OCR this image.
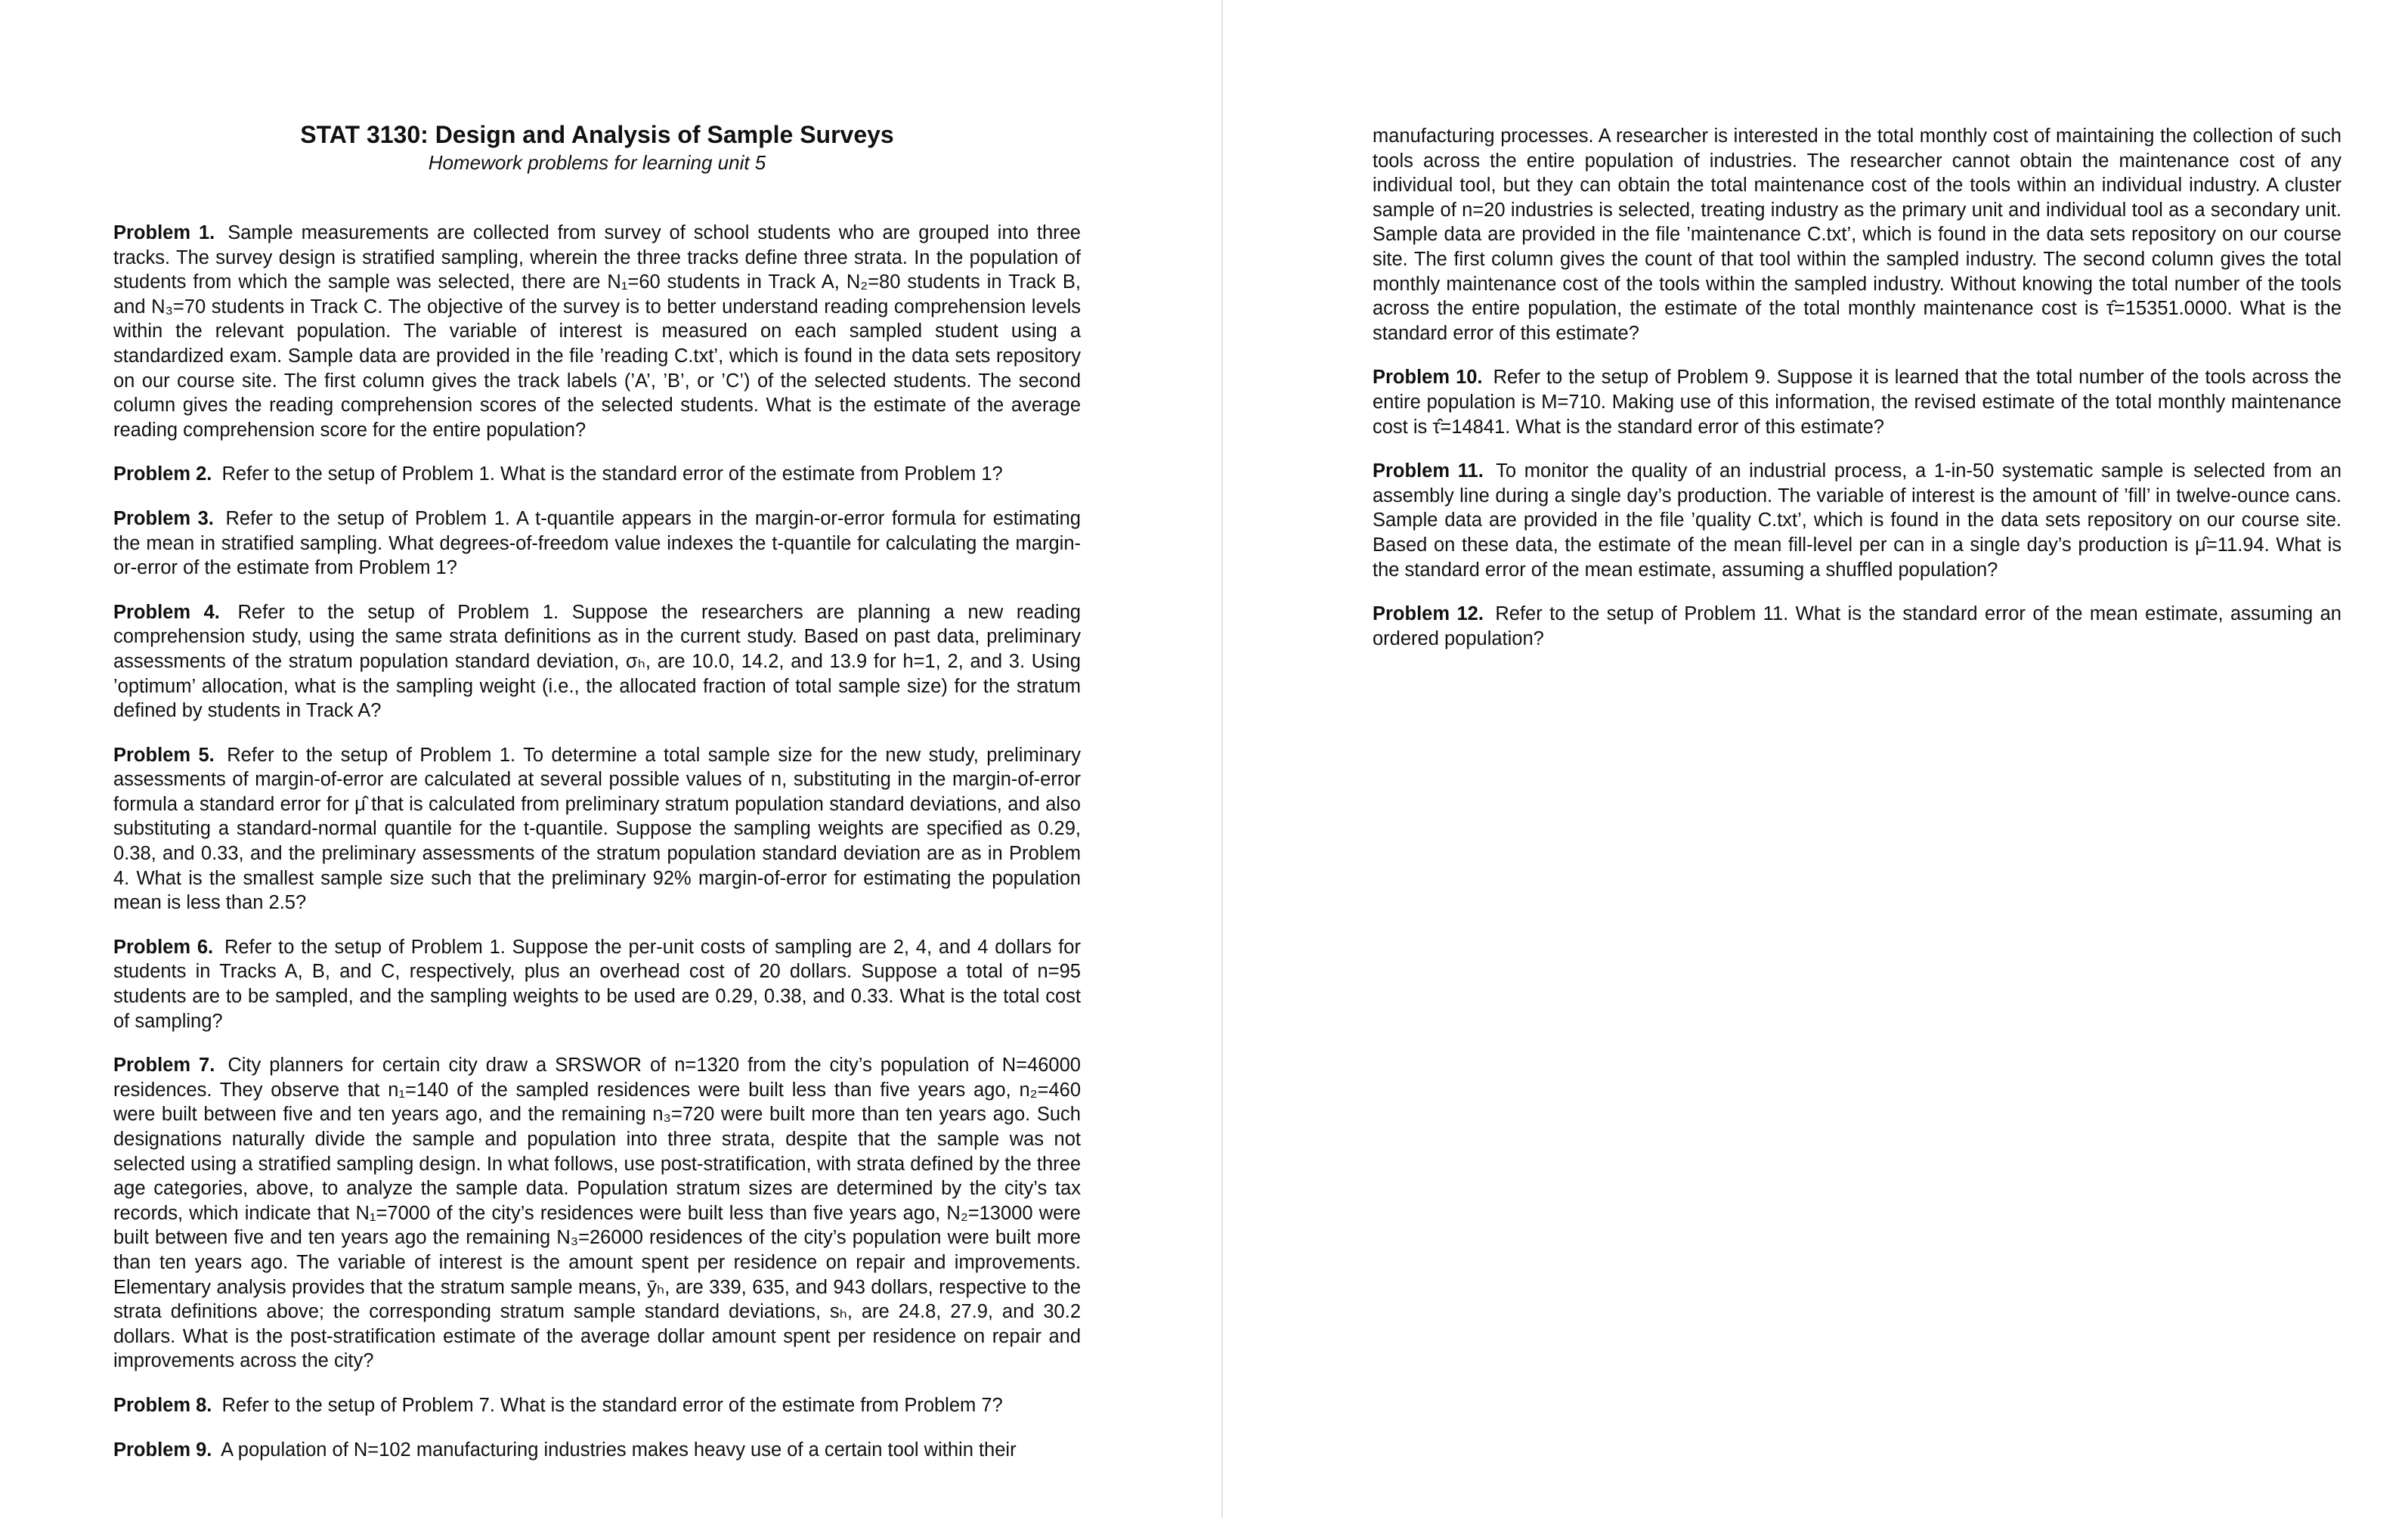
STAT 3130: Design and Analysis of Sample Surveys
Homework problems for learning unit 5

Problem 1. Sample measurements are collected from survey of school students who are grouped into three tracks. The survey design is stratified sampling, wherein the three tracks define three strata. In the population of students from which the sample was selected, there are N₁=60 students in Track A, N₂=80 students in Track B, and N₃=70 students in Track C. The objective of the survey is to better understand reading comprehension levels within the relevant population. The variable of interest is measured on each sampled student using a standardized exam. Sample data are provided in the file ’reading C.txt’, which is found in the data sets repository on our course site. The first column gives the track labels (’A’, ’B’, or ’C’) of the selected students. The second column gives the reading comprehension scores of the selected students. What is the estimate of the average reading comprehension score for the entire population?

Problem 2. Refer to the setup of Problem 1. What is the standard error of the estimate from Problem 1?

Problem 3. Refer to the setup of Problem 1. A t-quantile appears in the margin-or-error formula for estimating the mean in stratified sampling. What degrees-of-freedom value indexes the t-quantile for calculating the margin-or-error of the estimate from Problem 1?

Problem 4. Refer to the setup of Problem 1. Suppose the researchers are planning a new reading comprehension study, using the same strata definitions as in the current study. Based on past data, preliminary assessments of the stratum population standard deviation, σₕ, are 10.0, 14.2, and 13.9 for h=1, 2, and 3. Using ’optimum’ allocation, what is the sampling weight (i.e., the allocated fraction of total sample size) for the stratum defined by students in Track A?

Problem 5. Refer to the setup of Problem 1. To determine a total sample size for the new study, preliminary assessments of margin-of-error are calculated at several possible values of n, substituting in the margin-of-error formula a standard error for μ̂ that is calculated from preliminary stratum population standard deviations, and also substituting a standard-normal quantile for the t-quantile. Suppose the sampling weights are specified as 0.29, 0.38, and 0.33, and the preliminary assessments of the stratum population standard deviation are as in Problem 4. What is the smallest sample size such that the preliminary 92% margin-of-error for estimating the population mean is less than 2.5?

Problem 6. Refer to the setup of Problem 1. Suppose the per-unit costs of sampling are 2, 4, and 4 dollars for students in Tracks A, B, and C, respectively, plus an overhead cost of 20 dollars. Suppose a total of n=95 students are to be sampled, and the sampling weights to be used are 0.29, 0.38, and 0.33. What is the total cost of sampling?

Problem 7. City planners for certain city draw a SRSWOR of n=1320 from the city’s population of N=46000 residences. They observe that n₁=140 of the sampled residences were built less than five years ago, n₂=460 were built between five and ten years ago, and the remaining n₃=720 were built more than ten years ago. Such designations naturally divide the sample and population into three strata, despite that the sample was not selected using a stratified sampling design. In what follows, use post-stratification, with strata defined by the three age categories, above, to analyze the sample data. Population stratum sizes are determined by the city’s tax records, which indicate that N₁=7000 of the city’s residences were built less than five years ago, N₂=13000 were built between five and ten years ago the remaining N₃=26000 residences of the city’s population were built more than ten years ago. The variable of interest is the amount spent per residence on repair and improvements. Elementary analysis provides that the stratum sample means, ȳₕ, are 339, 635, and 943 dollars, respective to the strata definitions above; the corresponding stratum sample standard deviations, sₕ, are 24.8, 27.9, and 30.2 dollars. What is the post-stratification estimate of the average dollar amount spent per residence on repair and improvements across the city?

Problem 8. Refer to the setup of Problem 7. What is the standard error of the estimate from Problem 7?

Problem 9. A population of N=102 manufacturing industries makes heavy use of a certain tool within their

manufacturing processes. A researcher is interested in the total monthly cost of maintaining the collection of such tools across the entire population of industries. The researcher cannot obtain the maintenance cost of any individual tool, but they can obtain the total maintenance cost of the tools within an individual industry. A cluster sample of n=20 industries is selected, treating industry as the primary unit and individual tool as a secondary unit. Sample data are provided in the file ’maintenance C.txt’, which is found in the data sets repository on our course site. The first column gives the count of that tool within the sampled industry. The second column gives the total monthly maintenance cost of the tools within the sampled industry. Without knowing the total number of the tools across the entire population, the estimate of the total monthly maintenance cost is τ̂=15351.0000. What is the standard error of this estimate?

Problem 10. Refer to the setup of Problem 9. Suppose it is learned that the total number of the tools across the entire population is M=710. Making use of this information, the revised estimate of the total monthly maintenance cost is τ̂=14841. What is the standard error of this estimate?

Problem 11. To monitor the quality of an industrial process, a 1-in-50 systematic sample is selected from an assembly line during a single day’s production. The variable of interest is the amount of ’fill’ in twelve-ounce cans. Sample data are provided in the file ’quality C.txt’, which is found in the data sets repository on our course site. Based on these data, the estimate of the mean fill-level per can in a single day’s production is μ̂=11.94. What is the standard error of the mean estimate, assuming a shuffled population?

Problem 12. Refer to the setup of Problem 11. What is the standard error of the mean estimate, assuming an ordered population?
